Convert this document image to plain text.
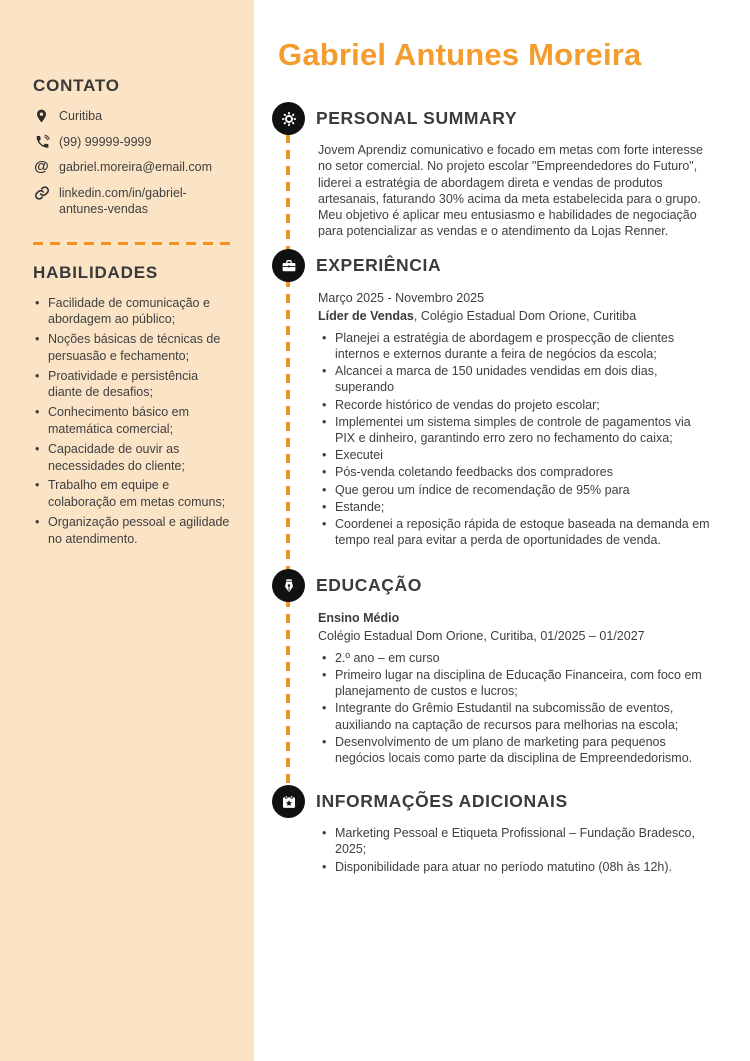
CONTATO
Curitiba
(99) 99999-9999
@ gabriel.moreira@email.com
linkedin.com/in/gabriel-antunes-vendas
HABILIDADES
• Facilidade de comunicação e abordagem ao público;
• Noções básicas de técnicas de persuasão e fechamento;
• Proatividade e persistência diante de desafios;
• Conhecimento básico em matemática comercial;
• Capacidade de ouvir as necessidades do cliente;
• Trabalho em equipe e colaboração em metas comuns;
• Organização pessoal e agilidade no atendimento.
Gabriel Antunes Moreira
PERSONAL SUMMARY

Jovem Aprendiz comunicativo e focado em metas com forte interesse no setor comercial. No projeto escolar "Empreendedores do Futuro", liderei a estratégia de abordagem direta e vendas de produtos artesanais, faturando 30% acima da meta estabelecida para o grupo. Meu objetivo é aplicar meu entusiasmo e habilidades de negociação para potencializar as vendas e o atendimento da Lojas Renner.

EXPERIÊNCIA
Março 2025 - Novembro 2025
Líder de Vendas, Colégio Estadual Dom Orione, Curitiba
• Planejei a estratégia de abordagem e prospecção de clientes internos e externos durante a feira de negócios da escola;
• Alcancei a marca de 150 unidades vendidas em dois dias, superando
• Recorde histórico de vendas do projeto escolar;
• Implementei um sistema simples de controle de pagamentos via PIX e dinheiro, garantindo erro zero no fechamento do caixa;
• Executei
• Pós-venda coletando feedbacks dos compradores
• Que gerou um índice de recomendação de 95% para
• Estande;
• Coordenei a reposição rápida de estoque baseada na demanda em tempo real para evitar a perda de oportunidades de venda.
EDUCAÇÃO
Ensino Médio
Colégio Estadual Dom Orione, Curitiba, 01/2025 – 01/2027
• 2.º ano – em curso
• Primeiro lugar na disciplina de Educação Financeira, com foco em planejamento de custos e lucros;
• Integrante do Grêmio Estudantil na subcomissão de eventos, auxiliando na captação de recursos para melhorias na escola;
• Desenvolvimento de um plano de marketing para pequenos negócios locais como parte da disciplina de Empreendedorismo.
INFORMAÇÕES ADICIONAIS
• Marketing Pessoal e Etiqueta Profissional – Fundação Bradesco, 2025;
• Disponibilidade para atuar no período matutino (08h às 12h).
